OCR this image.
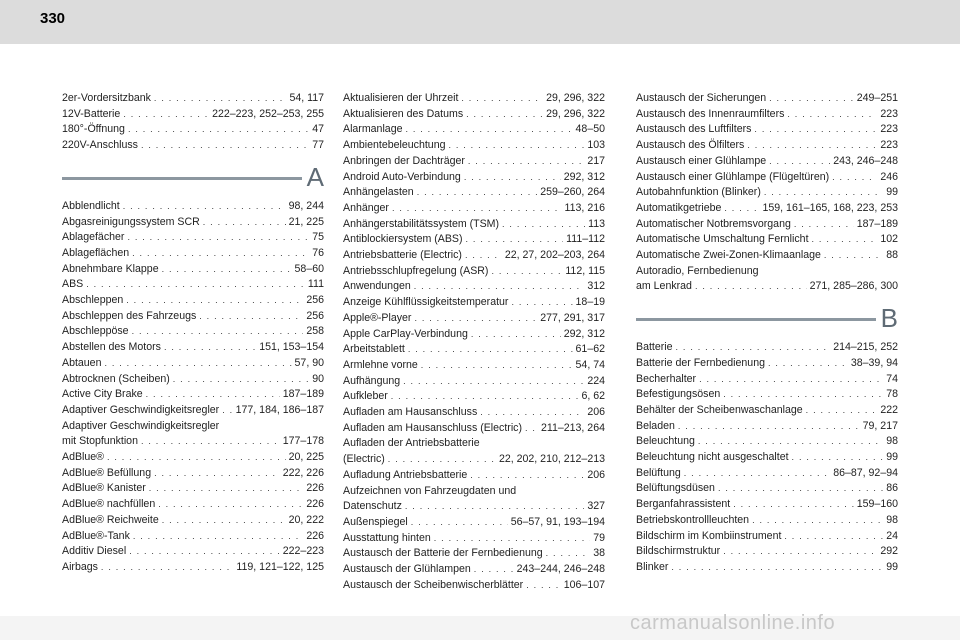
330
2er-Vordersitzbank . . .	54, 117
12V-Batterie . . .	222–223, 252–253, 255
180°-Öffnung . . .	47
220V-Anschluss . . .	77
A
Abblendlicht . . .	98, 244
Abgasreinigungssystem SCR . . .	21, 225
Ablagefächer . . .	75
Ablageflächen . . .	76
Abnehmbare Klappe . . .	58–60
ABS . . .	111
Abschleppen . . .	256
Abschleppen des Fahrzeugs . . .	256
Abschleppöse . . .	258
Abstellen des Motors . . .	151, 153–154
Abtauen . . .	57, 90
Abtrocknen (Scheiben) . . .	90
Active City Brake . . .	187–189
Adaptiver Geschwindigkeitsregler . . . 177, 184, 186–187
Adaptiver Geschwindigkeitsregler
mit Stopfunktion . . .	177–178
AdBlue® . . .	20, 225
AdBlue® Befüllung . . .	222, 226
AdBlue® Kanister . . .	226
AdBlue® nachfüllen . . .	226
AdBlue® Reichweite . . .	20, 222
AdBlue®-Tank . . .	226
Additiv Diesel . . .	222–223
Airbags . . .	119, 121–122, 125
Aktualisieren der Uhrzeit . . .	29, 296, 322
Aktualisieren des Datums . . .	29, 296, 322
Alarmanlage . . .	48–50
Ambientebeleuchtung . . .	103
Anbringen der Dachträger . . .	217
Android Auto-Verbindung . . .	292, 312
Anhängelasten . . .	259–260, 264
Anhänger . . .	113, 216
Anhängerstabilitätssystem (TSM) . . .	113
Antiblockiersystem (ABS) . . .	111–112
Antriebsbatterie (Electric) . . .	22, 27, 202–203, 264
Antriebsschlupfregelung (ASR) . . .	112, 115
Anwendungen . . .	312
Anzeige Kühlflüssigkeitstemperatur . . .	18–19
Apple®-Player . . .	277, 291, 317
Apple CarPlay-Verbindung . . .	292, 312
Arbeitstablett . . .	61–62
Armlehne vorne . . .	54, 74
Aufhängung . . .	224
Aufkleber . . .	6, 62
Aufladen am Hausanschluss . . .	206
Aufladen am Hausanschluss (Electric) . . . 211–213, 264
Aufladen der Antriebsbatterie
(Electric) . . .	22, 202, 210, 212–213
Aufladung Antriebsbatterie . . .	206
Aufzeichnen von Fahrzeugdaten und
Datenschutz . . .	327
Außenspiegel . . .	56–57, 91, 193–194
Ausstattung hinten . . .	79
Austausch der Batterie der Fernbedienung . . .	38
Austausch der Glühlampen . . .	243–244, 246–248
Austausch der Scheibenwischerblätter . . .	106–107
Austausch der Sicherungen . . .	249–251
Austausch des Innenraumfilters . . .	223
Austausch des Luftfilters . . .	223
Austausch des Ölfilters . . .	223
Austausch einer Glühlampe . . .	243, 246–248
Austausch einer Glühlampe (Flügeltüren) . . .	246
Autobahnfunktion (Blinker) . . .	99
Automatikgetriebe . . .	159, 161–165, 168, 223, 253
Automatischer Notbremsvorgang . . .	187–189
Automatische Umschaltung Fernlicht . . .	102
Automatische Zwei-Zonen-Klimaanlage . . .	88
Autoradio, Fernbedienung
am Lenkrad . . .	271, 285–286, 300
B
Batterie . . .	214–215, 252
Batterie der Fernbedienung . . .	38–39, 94
Becherhalter . . .	74
Befestigungsösen . . .	78
Behälter der Scheibenwaschanlage . . .	222
Beladen . . .	79, 217
Beleuchtung . . .	98
Beleuchtung nicht ausgeschaltet . . .	99
Belüftung . . .	86–87, 92–94
Belüftungsdüsen . . .	86
Berganfahrassistent . . .	159–160
Betriebskontrollleuchten . . .	98
Bildschirm im Kombiinstrument . . .	24
Bildschirmstruktur . . .	292
Blinker . . .	99
carmanualsonline.info
